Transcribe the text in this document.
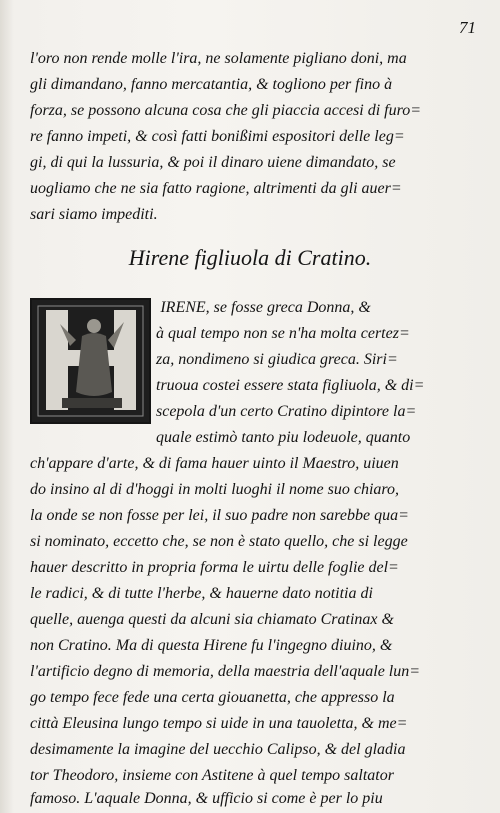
71
l'oro non rende molle l'ira, ne solamente pigliano doni, ma
gli dimandano, fanno mercatantia, & togliono per fino à
forza, se possono alcuna cosa che gli piaccia accesi di furo=
re fanno impeti, & così fatti bonißimi espositori delle leg=
gi, di qui la lussuria, & poi il dinaro uiene dimandato, se
uogliamo che ne sia fatto ragione, altrimenti da gli auer=
sari siamo impediti.
Hirene figliuola di Cratino.
IRENE, se fosse greca Donna, &
à qual tempo non se n'ha molta certez=
za, nondimeno si giudica greca. Siri=
truoua costei essere stata figliuola, & di=
scepola d'un certo Cratino dipintore la=
quale estimò tanto piu lodeuole, quanto
ch'appare d'arte, & di fama hauer uinto il Maestro, uiuen
do insino al di d'hoggi in molti luoghi il nome suo chiaro,
la onde se non fosse per lei, il suo padre non sarebbe qua=
si nominato, eccetto che, se non è stato quello, che si legge
hauer descritto in propria forma le uirtu delle foglie del=
le radici, & di tutte l'herbe, & hauerne dato notitia di
quelle, auenga questi da alcuni sia chiamato Cratinax &
non Cratino. Ma di questa Hirene fu l'ingegno diuino, &
l'artificio degno di memoria, della maestria dell'aquale lun=
go tempo fece fede una certa giouanetta, che appresso la
città Eleusina lungo tempo si uide in una tauoletta, & me=
desimamente la imagine del uecchio Calipso, & del gladia
tor Theodoro, insieme con Astitene à quel tempo saltator
famoso. L'aquale Donna, & ufficio si come è per lo piu
